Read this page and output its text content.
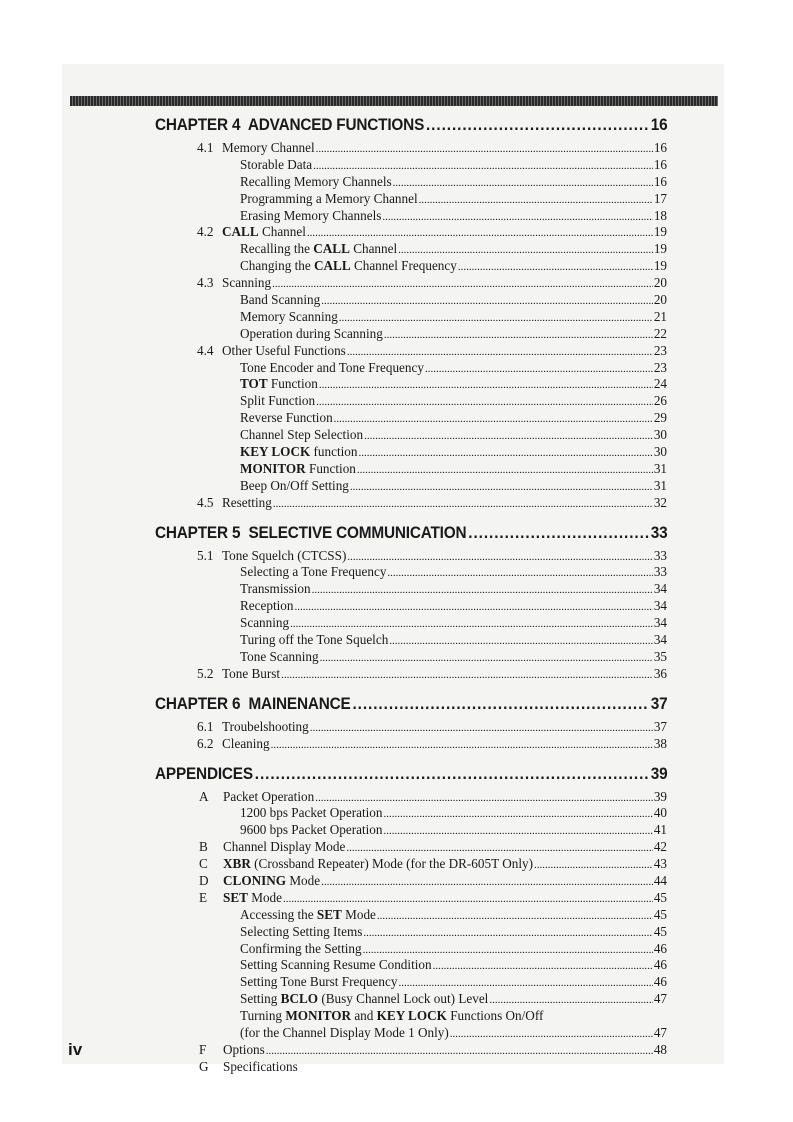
CHAPTER 4  ADVANCED FUNCTIONS .....	16
4.1 Memory Channel .....	16
Storable Data .....	16
Recalling Memory Channels .....	16
Programming a Memory Channel .....	17
Erasing Memory Channels .....	18
4.2 CALL Channel .....	19
Recalling the CALL Channel .....	19
Changing the CALL Channel Frequency .....	19
4.3 Scanning .....	20
Band Scanning .....	20
Memory Scanning .....	21
Operation during Scanning .....	22
4.4 Other Useful Functions .....	23
Tone Encoder and Tone Frequency .....	23
TOT Function .....	24
Split Function .....	26
Reverse Function .....	29
Channel Step Selection .....	30
KEY LOCK function .....	30
MONITOR Function .....	31
Beep On/Off Setting .....	31
4.5 Resetting .....	32
CHAPTER 5  SELECTIVE COMMUNICATION .....	33
5.1 Tone Squelch (CTCSS) .....	33
Selecting a Tone Frequency .....	33
Transmission .....	34
Reception .....	34
Scanning .....	34
Turing off the Tone Squelch .....	34
Tone Scanning .....	35
5.2 Tone Burst .....	36
CHAPTER 6  MAINENANCE .....	37
6.1 Troubelshooting .....	37
6.2 Cleaning .....	38
APPENDICES .....	39
A Packet Operation .....	39
1200 bps Packet Operation .....	40
9600 bps Packet Operation .....	41
B Channel Display Mode .....	42
C XBR (Crossband Repeater) Mode (for the DR-605T Only) .....	43
D CLONING Mode .....	44
E SET Mode .....	45
Accessing the SET Mode .....	45
Selecting Setting Items .....	45
Confirming the Setting .....	46
Setting Scanning Resume Condition .....	46
Setting Tone Burst Frequency .....	46
Setting BCLO (Busy Channel Lock out) Level .....	47
Turning MONITOR and KEY LOCK Functions On/Off
(for the Channel Display Mode 1 Only) .....	47
F Options .....	48
G Specifications
iv
